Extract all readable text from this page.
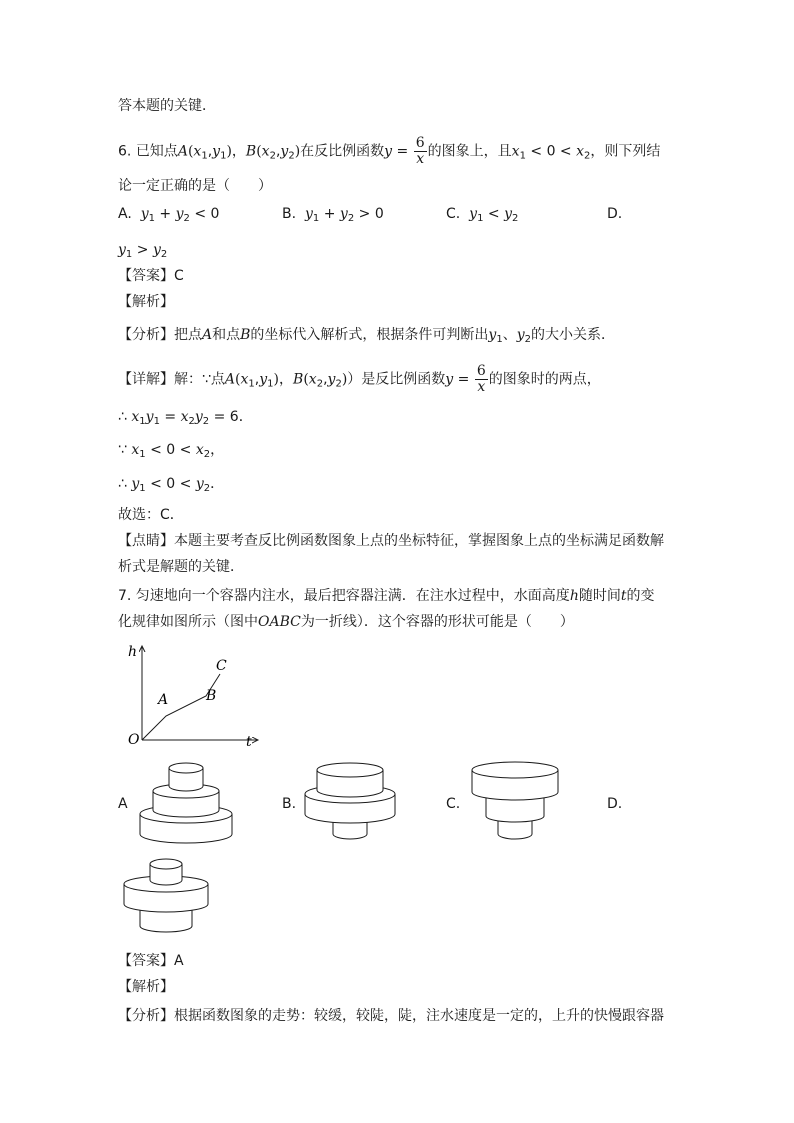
答本题的关键．
6. 已知点$A(x_1,y_1)$，$B(x_2,y_2)$在反比例函数$y = \frac{6}{x}$ 的图象上，且$x_1 < 0 < x_2$，则下列结
论一定正确的是（　　）
A. $y_1 + y_2 < 0$	B. $y_1 + y_2 > 0$	C. $y_1 < y_2$	D.
$y_1 > y_2$
【答案】C
【解析】
【分析】把点A和点B的坐标代入解析式，根据条件可判断出$y_1$、$y_2$的大小关系．
【详解】解：∵点$A(x_1,y_1)$，$B(x_2,y_2)$）是反比例函数$y = \frac{6}{x}$ 的图象时的两点，
∴ $x_1y_1 = x_2y_2 = 6$．
∵ $x_1 < 0 < x_2$，
∴ $y_1 < 0 < y_2$．
故选：C．
【点睛】本题主要考查反比例函数图象上点的坐标特征，掌握图象上点的坐标满足函数解
析式是解题的关键．
7. 匀速地向一个容器内注水，最后把容器注满．在注水过程中，水面高度h随时间t的变
化规律如图所示（图中OABC为一折线）．这个容器的形状可能是（　　）
h
t
O
A	B
C
A	B.	C.	D.
【答案】A
【解析】
【分析】根据函数图象的走势：较缓，较陡，陡，注水速度是一定的，上升的快慢跟容器
